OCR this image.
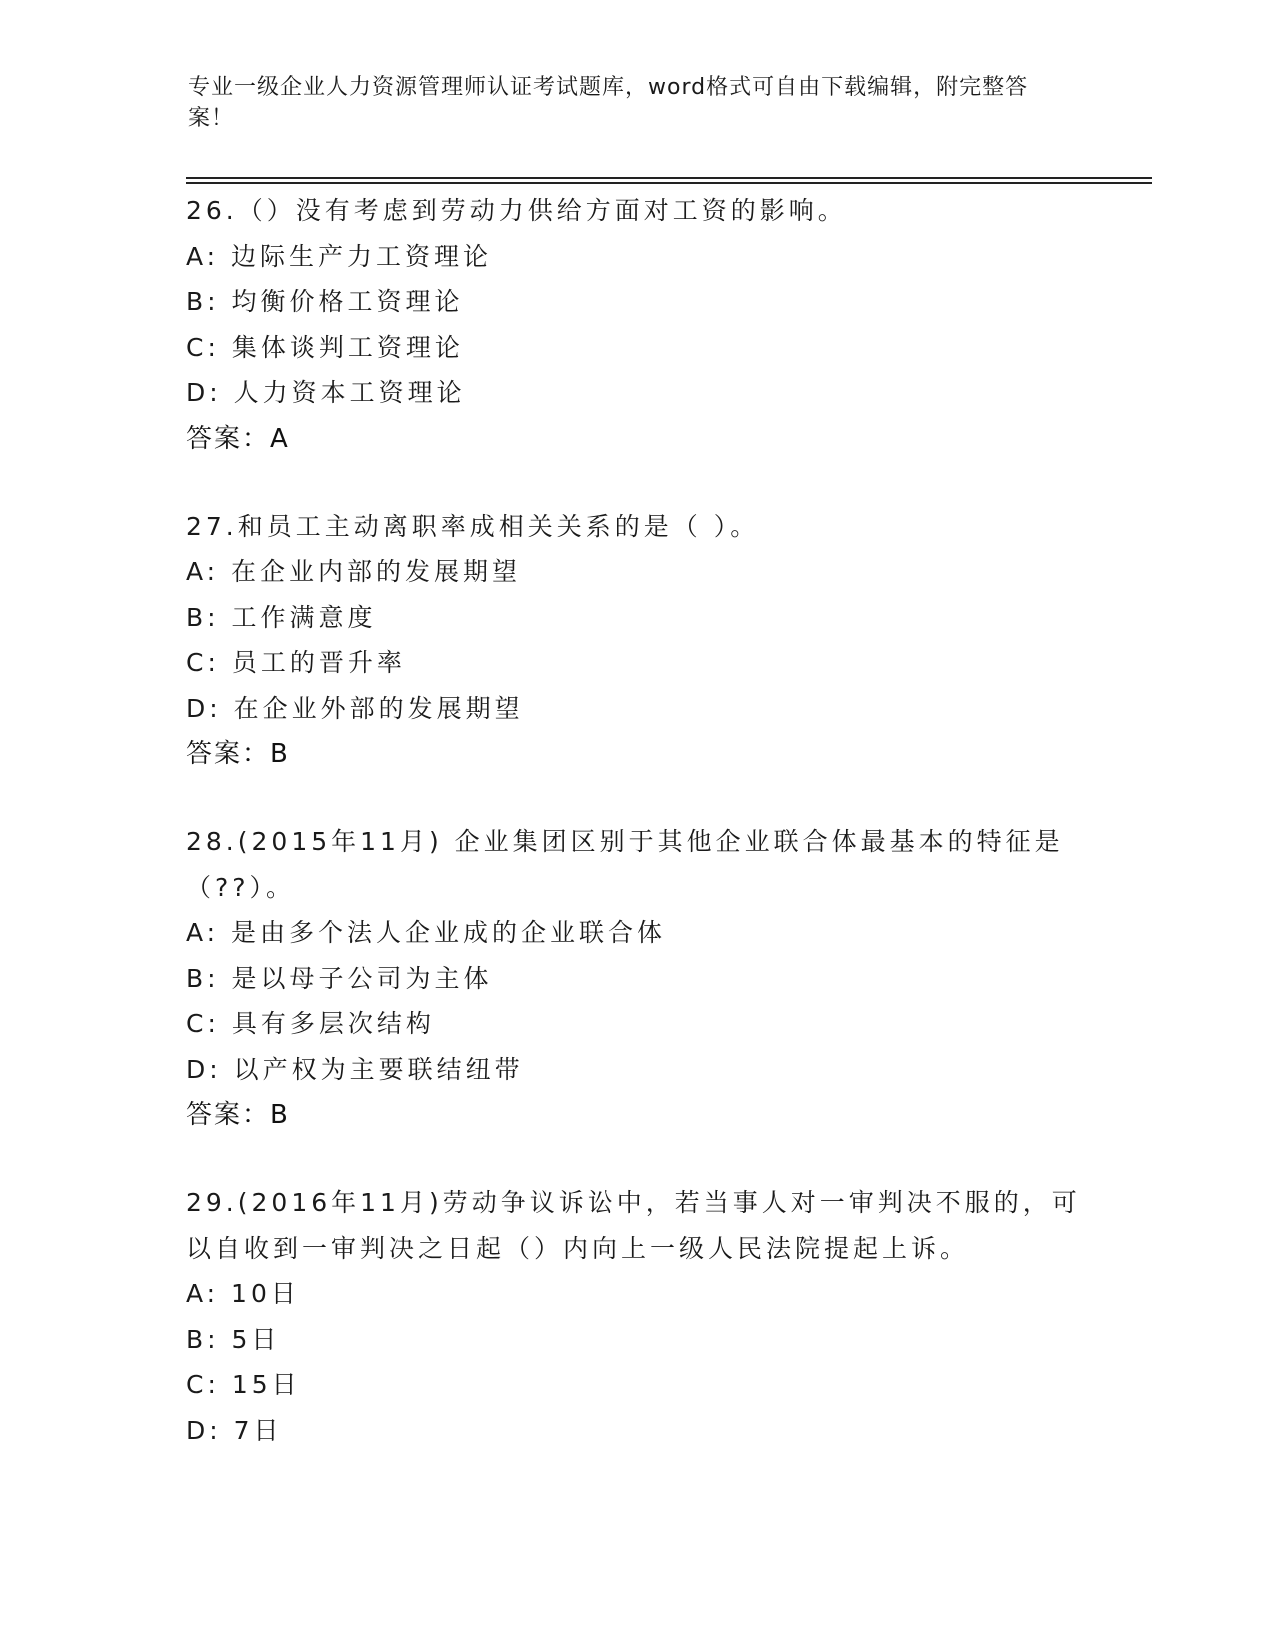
专业一级企业人力资源管理师认证考试题库，word格式可自由下载编辑，附完整答案！
26.（）没有考虑到劳动力供给方面对工资的影响。
A: 边际生产力工资理论
B: 均衡价格工资理论
C: 集体谈判工资理论
D: 人力资本工资理论
答案：A
27.和员工主动离职率成相关关系的是（ ）。
A: 在企业内部的发展期望
B: 工作满意度
C: 员工的晋升率
D: 在企业外部的发展期望
答案：B
28.(2015年11月) 企业集团区别于其他企业联合体最基本的特征是（??）。
A: 是由多个法人企业成的企业联合体
B: 是以母子公司为主体
C: 具有多层次结构
D: 以产权为主要联结纽带
答案：B
29.(2016年11月)劳动争议诉讼中，若当事人对一审判决不服的，可以自收到一审判决之日起（）内向上一级人民法院提起上诉。
A: 10日
B: 5日
C: 15日
D: 7日
